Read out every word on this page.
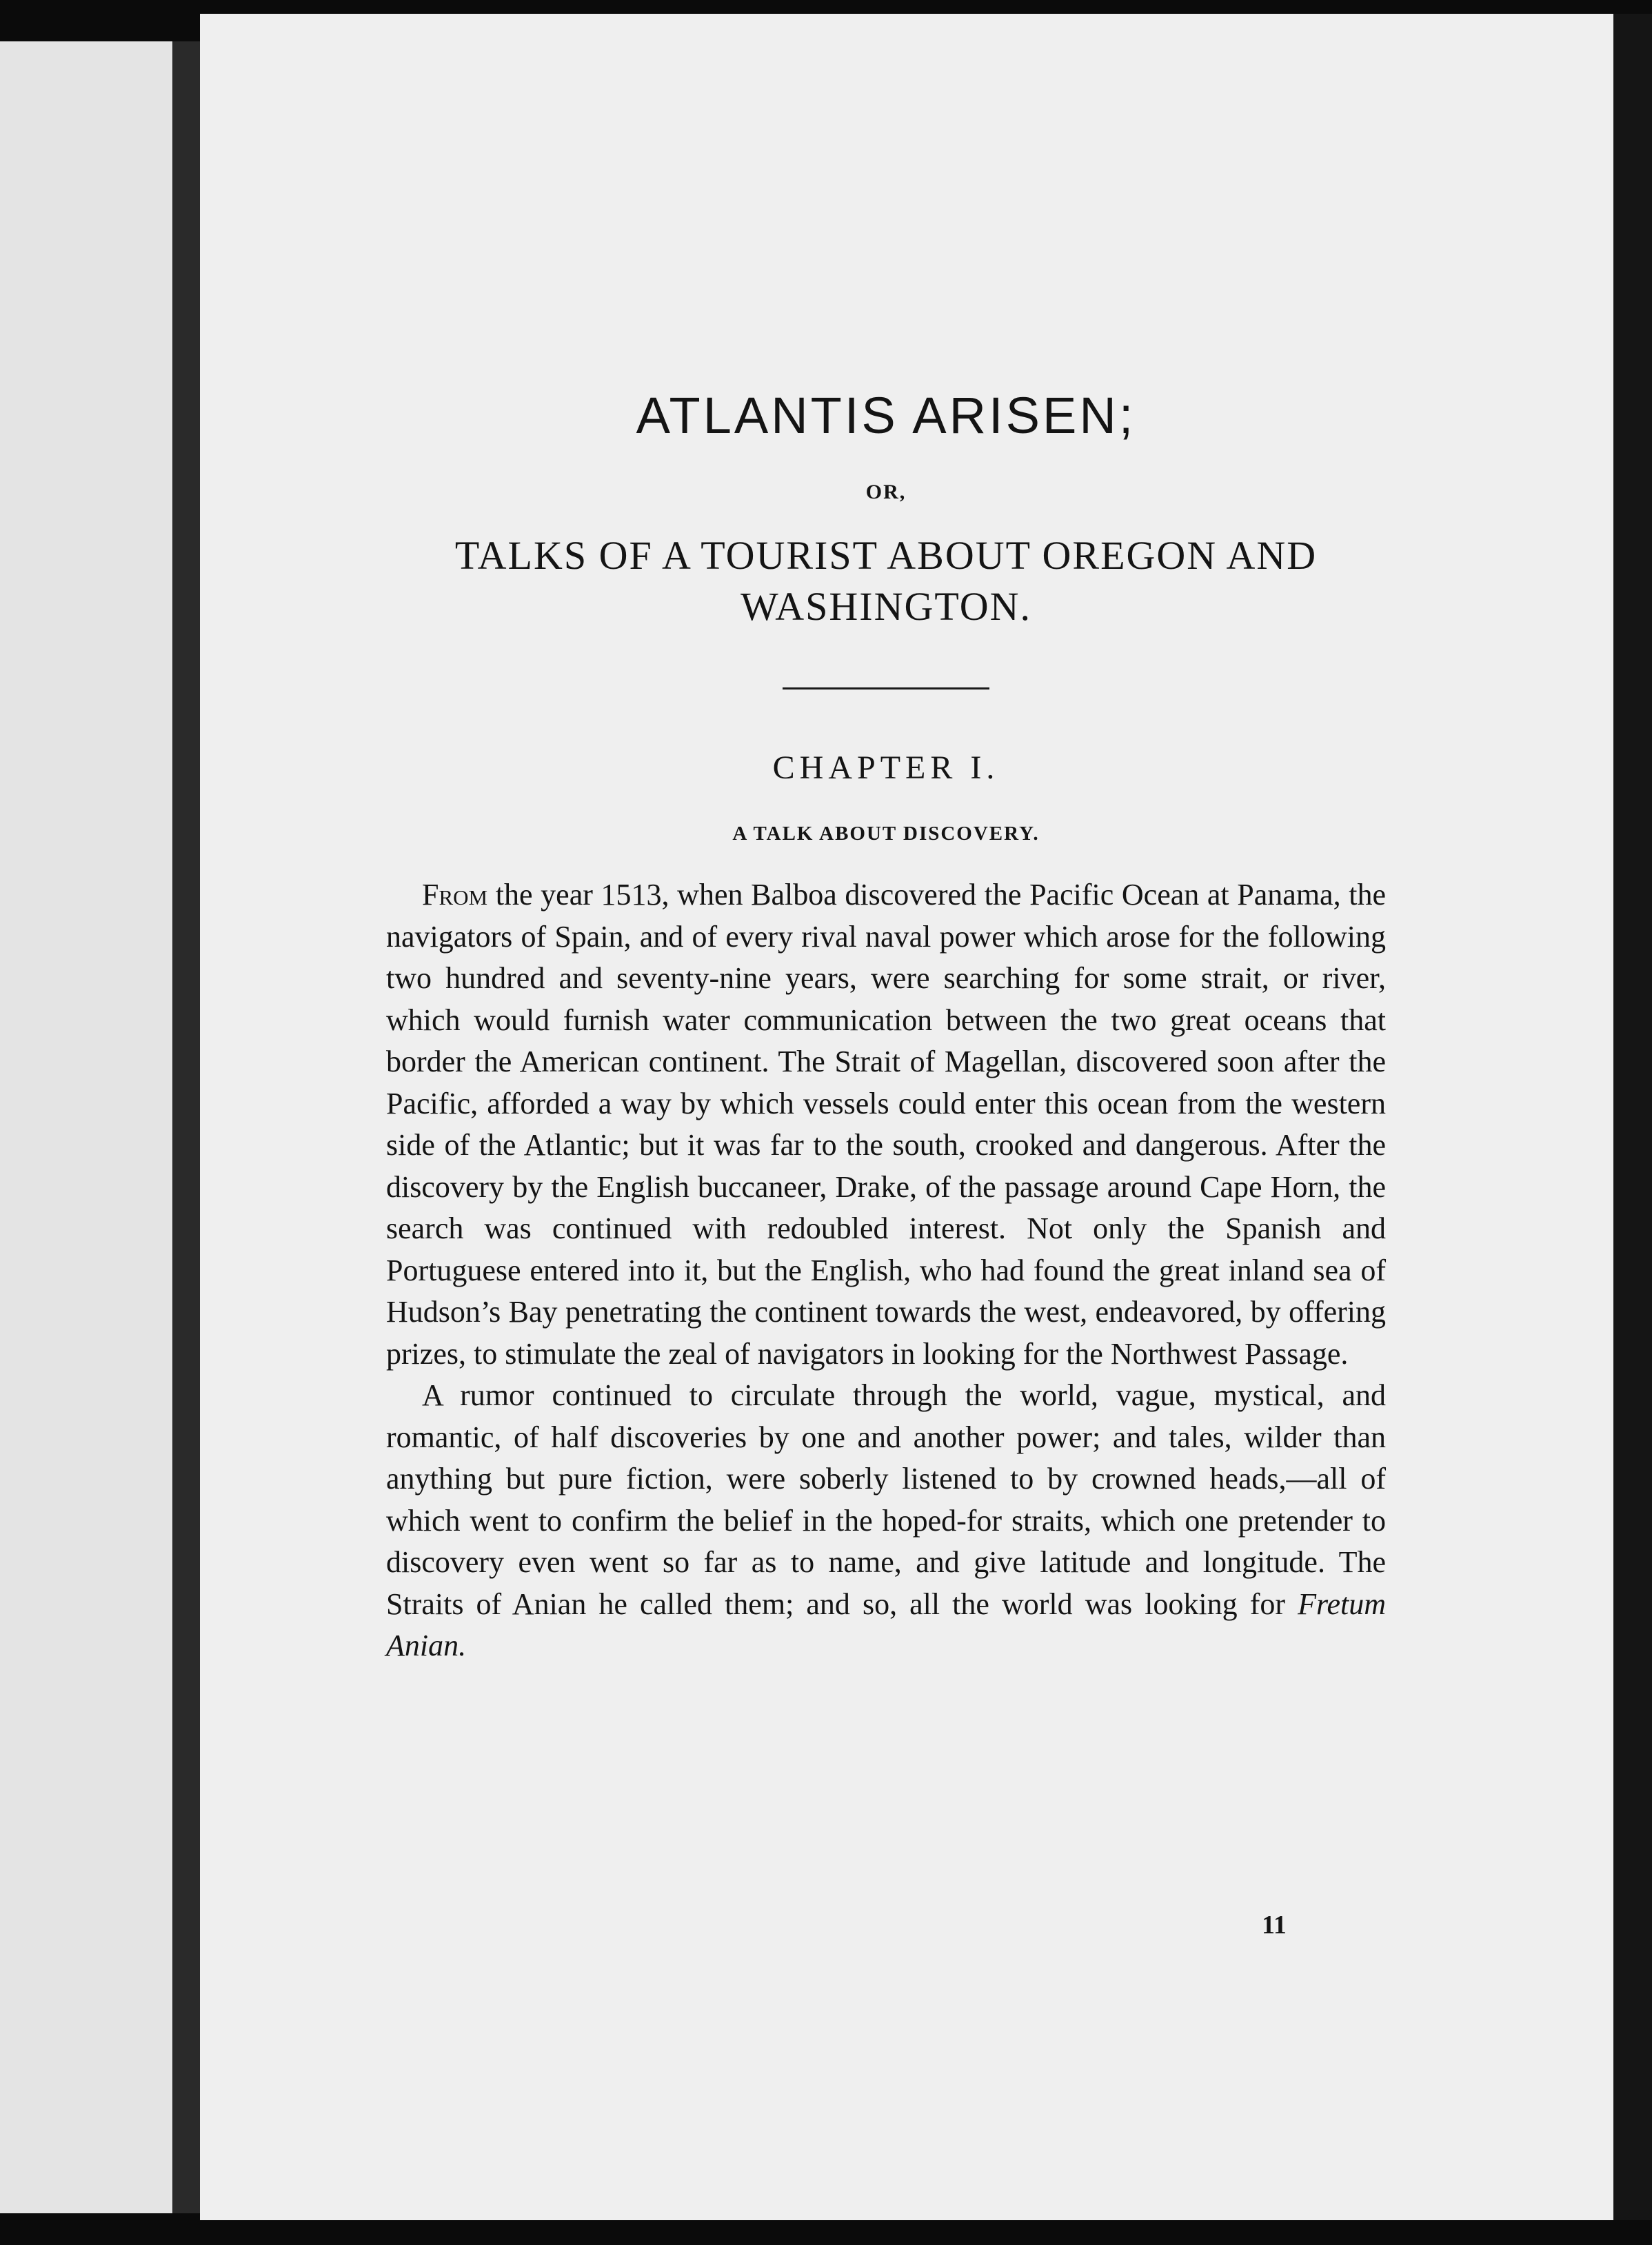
ATLANTIS ARISEN;
OR,
TALKS OF A TOURIST ABOUT OREGON AND WASHINGTON.
CHAPTER I.
A TALK ABOUT DISCOVERY.

From the year 1513, when Balboa discovered the Pacific Ocean at Panama, the navigators of Spain, and of every rival naval power which arose for the following two hundred and seventy-nine years, were searching for some strait, or river, which would furnish water communication between the two great oceans that border the American continent. The Strait of Magellan, discovered soon after the Pacific, afforded a way by which vessels could enter this ocean from the western side of the Atlantic; but it was far to the south, crooked and dangerous. After the discovery by the English buccaneer, Drake, of the passage around Cape Horn, the search was continued with redoubled interest. Not only the Spanish and Portuguese entered into it, but the English, who had found the great inland sea of Hudson’s Bay penetrating the continent towards the west, endeavored, by offering prizes, to stimulate the zeal of navigators in looking for the Northwest Passage.

A rumor continued to circulate through the world, vague, mystical, and romantic, of half discoveries by one and another power; and tales, wilder than anything but pure fiction, were soberly listened to by crowned heads,—all of which went to confirm the belief in the hoped-for straits, which one pretender to discovery even went so far as to name, and give latitude and longitude. The Straits of Anian he called them; and so, all the world was looking for Fretum Anian.

11
